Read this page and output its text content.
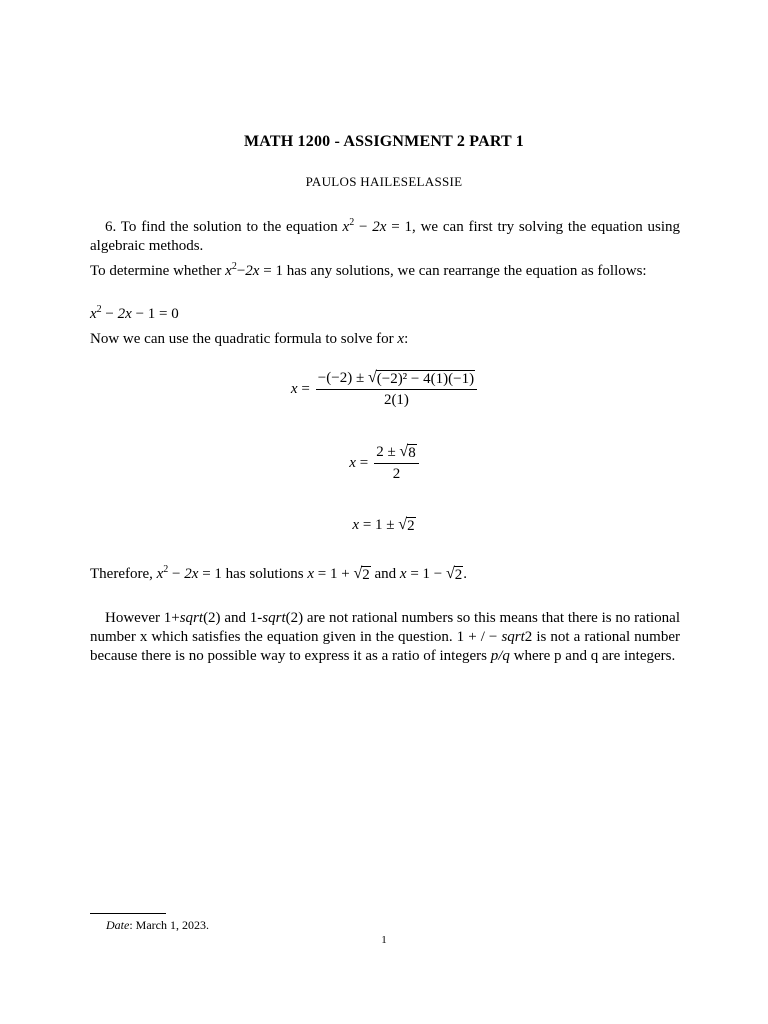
MATH 1200 - ASSIGNMENT 2 PART 1
PAULOS HAILESELASSIE
6. To find the solution to the equation $x^2 - 2x = 1$, we can first try solving the equation using algebraic methods.
To determine whether $x^2-2x = 1$ has any solutions, we can rearrange the equation as follows:
$x^2 - 2x - 1 = 0$
Now we can use the quadratic formula to solve for x:
$x = \frac{\text{−(−2) ± √ (−2)² − 4(1)(−1)}}{2(1)}$
$x = \frac{2 \pm √ 8}{2}$
x = 1 ± √ 2
Therefore, $x^2 - 2x = 1$ has solutions x = 1 + √ 2 and x = 1 − √ 2 .
However 1+sqrt(2) and 1-sqrt(2) are not rational numbers so this means that there is no rational number x which satisfies the equation given in the question. 1 + / − sqrt2 is not a rational number because there is no possible way to express it as a ratio of integers p/q where p and q are integers.
Date: March 1, 2023.
1
